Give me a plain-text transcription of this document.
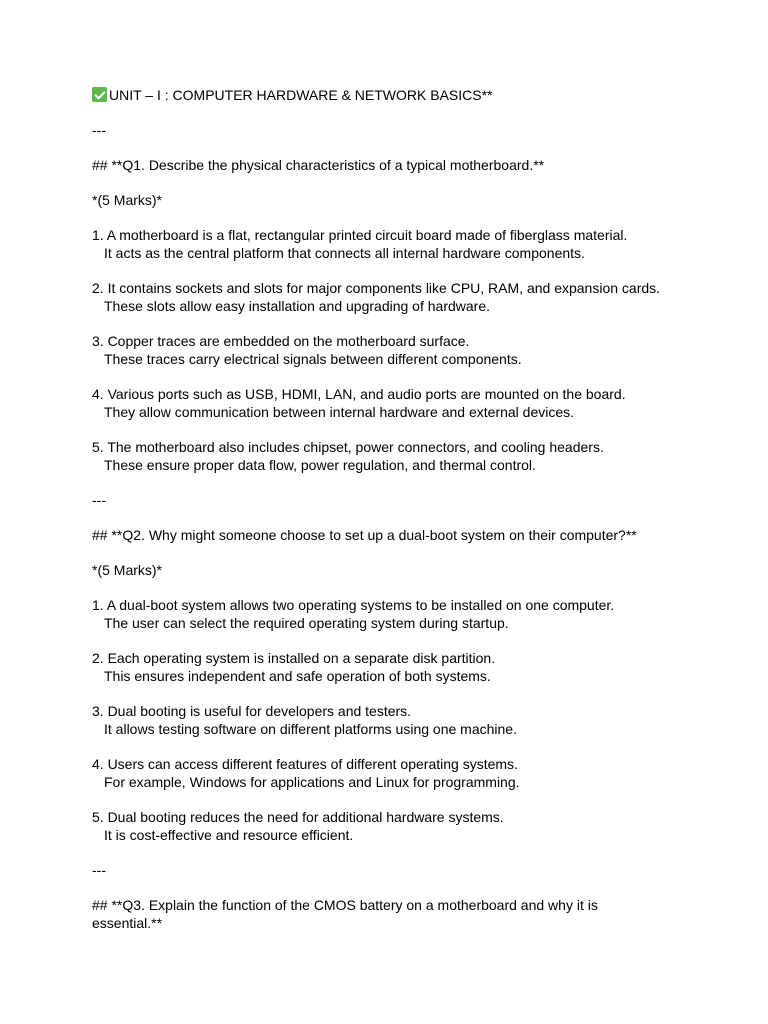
UNIT – I : COMPUTER HARDWARE & NETWORK BASICS**
---
## **Q1. Describe the physical characteristics of a typical motherboard.**
*(5 Marks)*
1. A motherboard is a flat, rectangular printed circuit board made of fiberglass material.
It acts as the central platform that connects all internal hardware components.
2. It contains sockets and slots for major components like CPU, RAM, and expansion cards.
These slots allow easy installation and upgrading of hardware.
3. Copper traces are embedded on the motherboard surface.
These traces carry electrical signals between different components.
4. Various ports such as USB, HDMI, LAN, and audio ports are mounted on the board.
They allow communication between internal hardware and external devices.
5. The motherboard also includes chipset, power connectors, and cooling headers.
These ensure proper data flow, power regulation, and thermal control.
---
## **Q2. Why might someone choose to set up a dual-boot system on their computer?**
*(5 Marks)*
1. A dual-boot system allows two operating systems to be installed on one computer.
The user can select the required operating system during startup.
2. Each operating system is installed on a separate disk partition.
This ensures independent and safe operation of both systems.
3. Dual booting is useful for developers and testers.
It allows testing software on different platforms using one machine.
4. Users can access different features of different operating systems.
For example, Windows for applications and Linux for programming.
5. Dual booting reduces the need for additional hardware systems.
It is cost-effective and resource efficient.
---
## **Q3. Explain the function of the CMOS battery on a motherboard and why it is
essential.**
